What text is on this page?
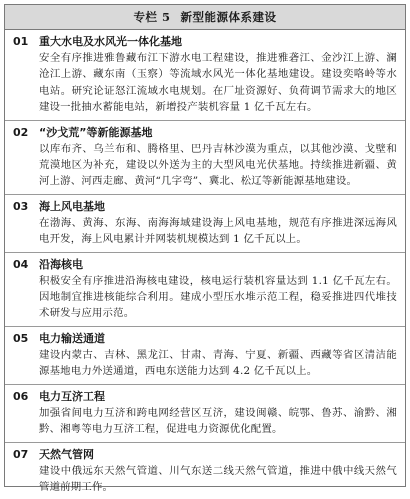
专栏 5 新型能源体系建设
01 重大水电及水风光一体化基地
安全有序推进雅鲁藏布江下游水电工程建设，推进雅砻江、金沙江上游、澜沧江上游、藏东南（玉察）等流域水风光一体化基地建设。建设奕咯岭等水电站。研究论证怒江流域水电规划。在厂址资源好、负荷调节需求大的地区建设一批抽水蓄能电站，新增投产装机容量 1 亿千瓦左右。
02 “沙戈荒”等新能源基地
以库布齐、乌兰布和、腾格里、巴丹吉林沙漠为重点，以其他沙漠、戈壁和荒漠地区为补充，建设以外送为主的大型风电光伏基地。持续推进新疆、黄河上游、河西走廊、黄河“几字弯”、冀北、松辽等新能源基地建设。
03 海上风电基地
在渤海、黄海、东海、南海海域建设海上风电基地，规范有序推进深远海风电开发，海上风电累计并网装机规模达到 1 亿千瓦以上。
04 沿海核电
积极安全有序推进沿海核电建设，核电运行装机容量达到 1.1 亿千瓦左右。因地制宜推进核能综合利用。建成小型压水堆示范工程，稳妥推进四代堆技术研发与应用示范。
05 电力输送通道
建设内蒙古、吉林、黑龙江、甘肃、青海、宁夏、新疆、西藏等省区清洁能源基地电力外送通道，西电东送能力达到 4.2 亿千瓦以上。
06 电力互济工程
加强省间电力互济和跨电网经营区互济，建设闽赣、皖鄂、鲁苏、渝黔、湘黔、湘粤等电力互济工程，促进电力资源优化配置。
07 天然气管网
建设中俄远东天然气管道、川气东送二线天然气管道，推进中俄中线天然气管道前期工作。
